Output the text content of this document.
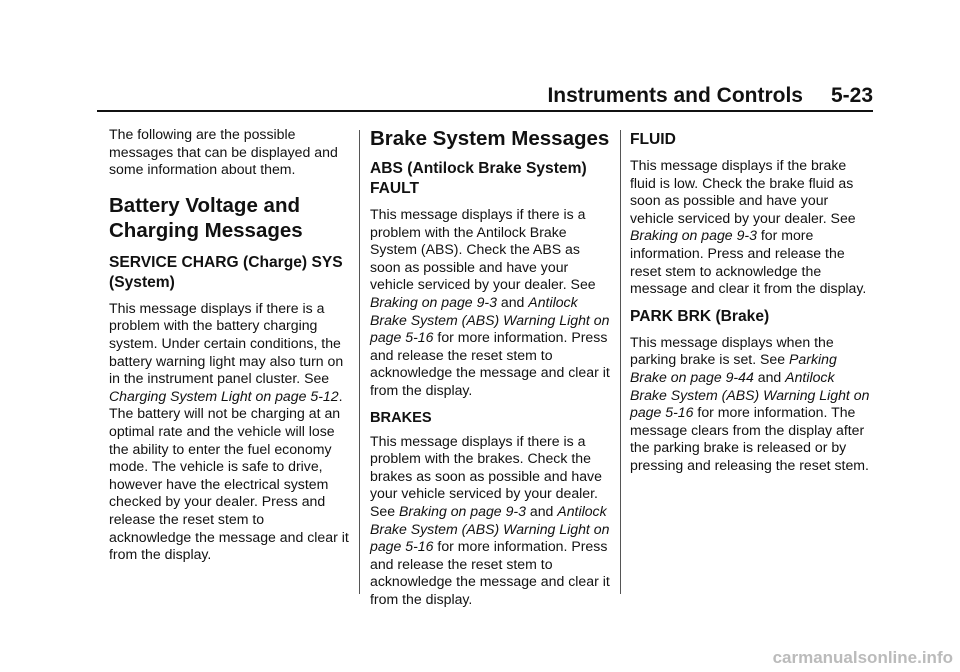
Instruments and Controls 5-23

The following are the possible messages that can be displayed and some information about them.

Battery Voltage and Charging Messages
SERVICE CHARG (Charge) SYS (System)

This message displays if there is a problem with the battery charging system. Under certain conditions, the battery warning light may also turn on in the instrument panel cluster. See Charging System Light on page 5-12. The battery will not be charging at an optimal rate and the vehicle will lose the ability to enter the fuel economy mode. The vehicle is safe to drive, however have the electrical system checked by your dealer. Press and release the reset stem to acknowledge the message and clear it from the display.

Brake System Messages
ABS (Antilock Brake System) FAULT

This message displays if there is a problem with the Antilock Brake System (ABS). Check the ABS as soon as possible and have your vehicle serviced by your dealer. See Braking on page 9-3 and Antilock Brake System (ABS) Warning Light on page 5-16 for more information. Press and release the reset stem to acknowledge the message and clear it from the display.

BRAKES

This message displays if there is a problem with the brakes. Check the brakes as soon as possible and have your vehicle serviced by your dealer. See Braking on page 9-3 and Antilock Brake System (ABS) Warning Light on page 5-16 for more information. Press and release the reset stem to acknowledge the message and clear it from the display.

FLUID

This message displays if the brake fluid is low. Check the brake fluid as soon as possible and have your vehicle serviced by your dealer. See Braking on page 9-3 for more information. Press and release the reset stem to acknowledge the message and clear it from the display.

PARK BRK (Brake)

This message displays when the parking brake is set. See Parking Brake on page 9-44 and Antilock Brake System (ABS) Warning Light on page 5-16 for more information. The message clears from the display after the parking brake is released or by pressing and releasing the reset stem.

carmanualsonline.info
